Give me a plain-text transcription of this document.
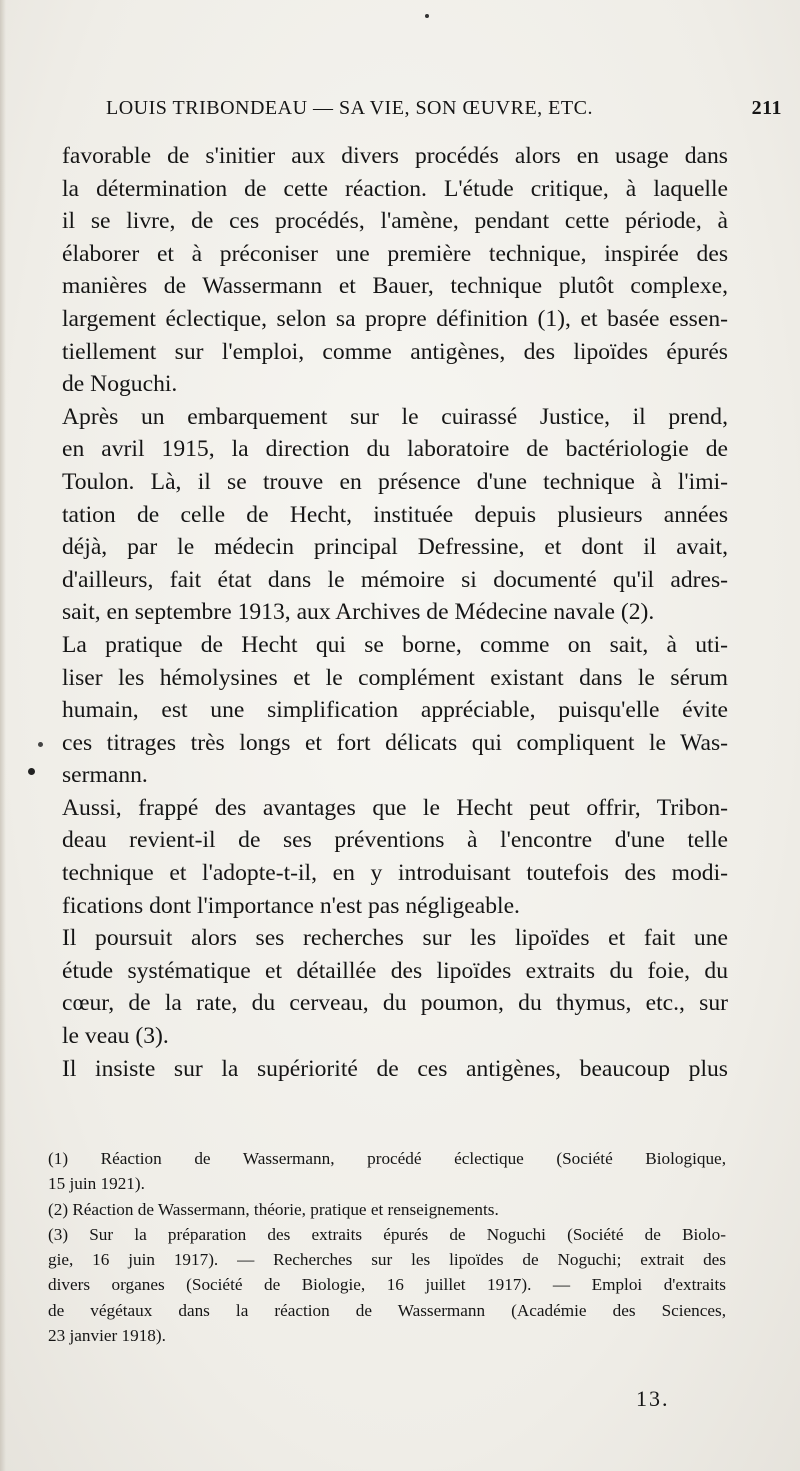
LOUIS TRIBONDEAU — SA VIE, SON ŒUVRE, ETC.	211
favorable de s'initier aux divers procédés alors en usage dans
la détermination de cette réaction. L'étude critique, à laquelle
il se livre, de ces procédés, l'amène, pendant cette période, à
élaborer et à préconiser une première technique, inspirée des
manières de Wassermann et Bauer, technique plutôt complexe,
largement éclectique, selon sa propre définition (1), et basée essen-
tiellement sur l'emploi, comme antigènes, des lipoïdes épurés
de Noguchi.
Après un embarquement sur le cuirassé Justice, il prend,
en avril 1915, la direction du laboratoire de bactériologie de
Toulon. Là, il se trouve en présence d'une technique à l'imi-
tation de celle de Hecht, instituée depuis plusieurs années
déjà, par le médecin principal Defressine, et dont il avait,
d'ailleurs, fait état dans le mémoire si documenté qu'il adres-
sait, en septembre 1913, aux Archives de Médecine navale (2).
La pratique de Hecht qui se borne, comme on sait, à uti-
liser les hémolysines et le complément existant dans le sérum
humain, est une simplification appréciable, puisqu'elle évite
ces titrages très longs et fort délicats qui compliquent le Was-
sermann.
Aussi, frappé des avantages que le Hecht peut offrir, Tribon-
deau revient-il de ses préventions à l'encontre d'une telle
technique et l'adopte-t-il, en y introduisant toutefois des modi-
fications dont l'importance n'est pas négligeable.
Il poursuit alors ses recherches sur les lipoïdes et fait une
étude systématique et détaillée des lipoïdes extraits du foie, du
cœur, de la rate, du cerveau, du poumon, du thymus, etc., sur
le veau (3).
Il insiste sur la supériorité de ces antigènes, beaucoup plus
(1) Réaction de Wassermann, procédé éclectique (Société Biologique,
15 juin 1921).
(2) Réaction de Wassermann, théorie, pratique et renseignements.
(3) Sur la préparation des extraits épurés de Noguchi (Société de Biolo-
gie, 16 juin 1917). — Recherches sur les lipoïdes de Noguchi; extrait des
divers organes (Société de Biologie, 16 juillet 1917). — Emploi d'extraits
de végétaux dans la réaction de Wassermann (Académie des Sciences,
23 janvier 1918).
13.
